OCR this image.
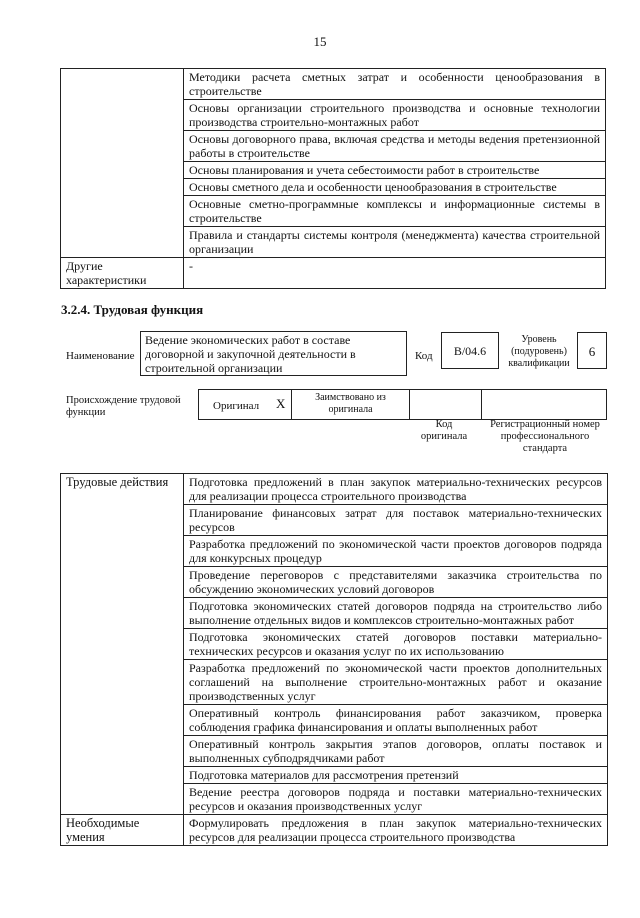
15
	Методики расчета сметных затрат и особенности ценообразования в строительстве
	Основы организации строительного производства и основные технологии производства строительно-монтажных работ
	Основы договорного права, включая средства и методы ведения претензионной работы в строительстве
	Основы планирования и учета себестоимости работ в строительстве
	Основы сметного дела и особенности ценообразования в строительстве
	Основные сметно-программные комплексы и информационные системы в строительстве
	Правила и стандарты системы контроля (менеджмента) качества строительной организации
Другие характеристики	-
3.2.4. Трудовая функция
Наименование
Ведение экономических работ в составе договорной и закупочной деятельности в строительной организации
Код	B/04.6
Уровень (подуровень) квалификации
6
Происхождение трудовой функции
Оригинал X	Заимствовано из оригинала
Код оригинала
Регистрационный номер профессионального стандарта
Трудовые действия	Подготовка предложений в план закупок материально-технических ресурсов для реализации процесса строительного производства
	Планирование финансовых затрат для поставок материально-технических ресурсов
	Разработка предложений по экономической части проектов договоров подряда для конкурсных процедур
	Проведение переговоров с представителями заказчика строительства по обсуждению экономических условий договоров
	Подготовка экономических статей договоров подряда на строительство либо выполнение отдельных видов и комплексов строительно-монтажных работ
	Подготовка экономических статей договоров поставки материально-технических ресурсов и оказания услуг по их использованию
	Разработка предложений по экономической части проектов дополнительных соглашений на выполнение строительно-монтажных работ и оказание производственных услуг
	Оперативный контроль финансирования работ заказчиком, проверка соблюдения графика финансирования и оплаты выполненных работ
	Оперативный контроль закрытия этапов договоров, оплаты поставок и выполненных субподрядчиками работ
	Подготовка материалов для рассмотрения претензий
	Ведение реестра договоров подряда и поставки материально-технических ресурсов и оказания производственных услуг
Необходимые умения	Формулировать предложения в план закупок материально-технических ресурсов для реализации процесса строительного производства
